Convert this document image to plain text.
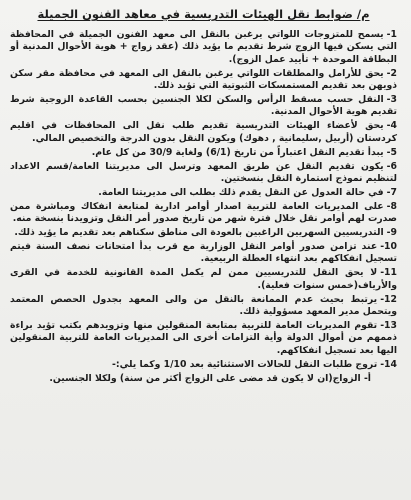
م/ ضوابط نقل الهيئات التدريسية في معاهد الفنون الجميلة
1-يسمح للمتزوجات اللواتي يرغبن بالنقل الى معهد الفنون الجميلة في المحافظة التي يسكن فيها الزوج شرط تقديم ما يؤيد ذلك (عقد زواج + هوية الأحوال المدنية أو البطاقة الموحدة + تأييد عمل الزوج).
2-يحق للأرامل والمطلقات اللواتي يرغبن بالنقل الى المعهد في محافظة مقر سكن ذويهن بعد تقديم المستمسكات الثبوتية التي تؤيد ذلك.
3-النقل حسب مسقط الرأس والسكن لكلا الجنسين بحسب القاعدة الزوجية شرط تقديم هوية الأحوال المدنية.
4-يحق لأعضاء الهيئات التدريسية تقديم طلب نقل الى المحافظات في اقليم كردستان (أربيل ,سليمانية , دهوك) ويكون النقل بدون الدرجة والتخصيص المالي.
5-يبدأ تقديم النقل اعتباراً من تاريخ (6/1) ولغاية 30/9 من كل عام.
6-يكون تقديم النقل عن طريق المعهد وترسل الى مديريتنا العامة/قسم الاعداد لتنظيم نموذج استمارة النقل بنسختين.
7-في حالة العدول عن النقل يقدم ذلك بطلب الى مديريتنا العامة.
8-على المديريات العامة للتربية اصدار أوامر ادارية لمتابعة انفكاك ومباشرة ممن صدرت لهم أوامر نقل خلال فترة شهر من تاريخ صدور أمر النقل وتزويدنا بنسخة منه.
9-التدريسيين السهريين الراغبين بالعودة الى مناطق سكناهم بعد تقديم ما يؤيد ذلك.
10-عند تزامن صدور أوامر النقل الوزارية مع قرب بدأ امتحانات نصف السنة فيتم تسجيل انفكاكهم بعد انتهاء العطلة الربيعية.
11-لا يحق النقل للتدريسيين ممن لم يكمل المدة القانونية للخدمة في القرى والأرياف(خمس سنوات فعلية).
12-يرتبط بحيث عدم الممانعة بالنقل من والى المعهد بجدول الحصص المعتمد ويتحمل مدير المعهد مسؤولية ذلك.
13-تقوم المديريات العامة للتربية بمتابعة المنقولين منها وتزويدهم بكتب تؤيد براءة ذممهم من أموال الدولة وأية التزامات أخرى الى المديريات العامة للتربية المنقولين اليها بعد تسجيل انفكاكهم.
14-تروج طلبات النقل للحالات الاستثنائية بعد 1/10 وكما يلي:-
أ- الزواج(ان لا يكون قد مضى على الزواج أكثر من سنة) ولكلا الجنسين.
